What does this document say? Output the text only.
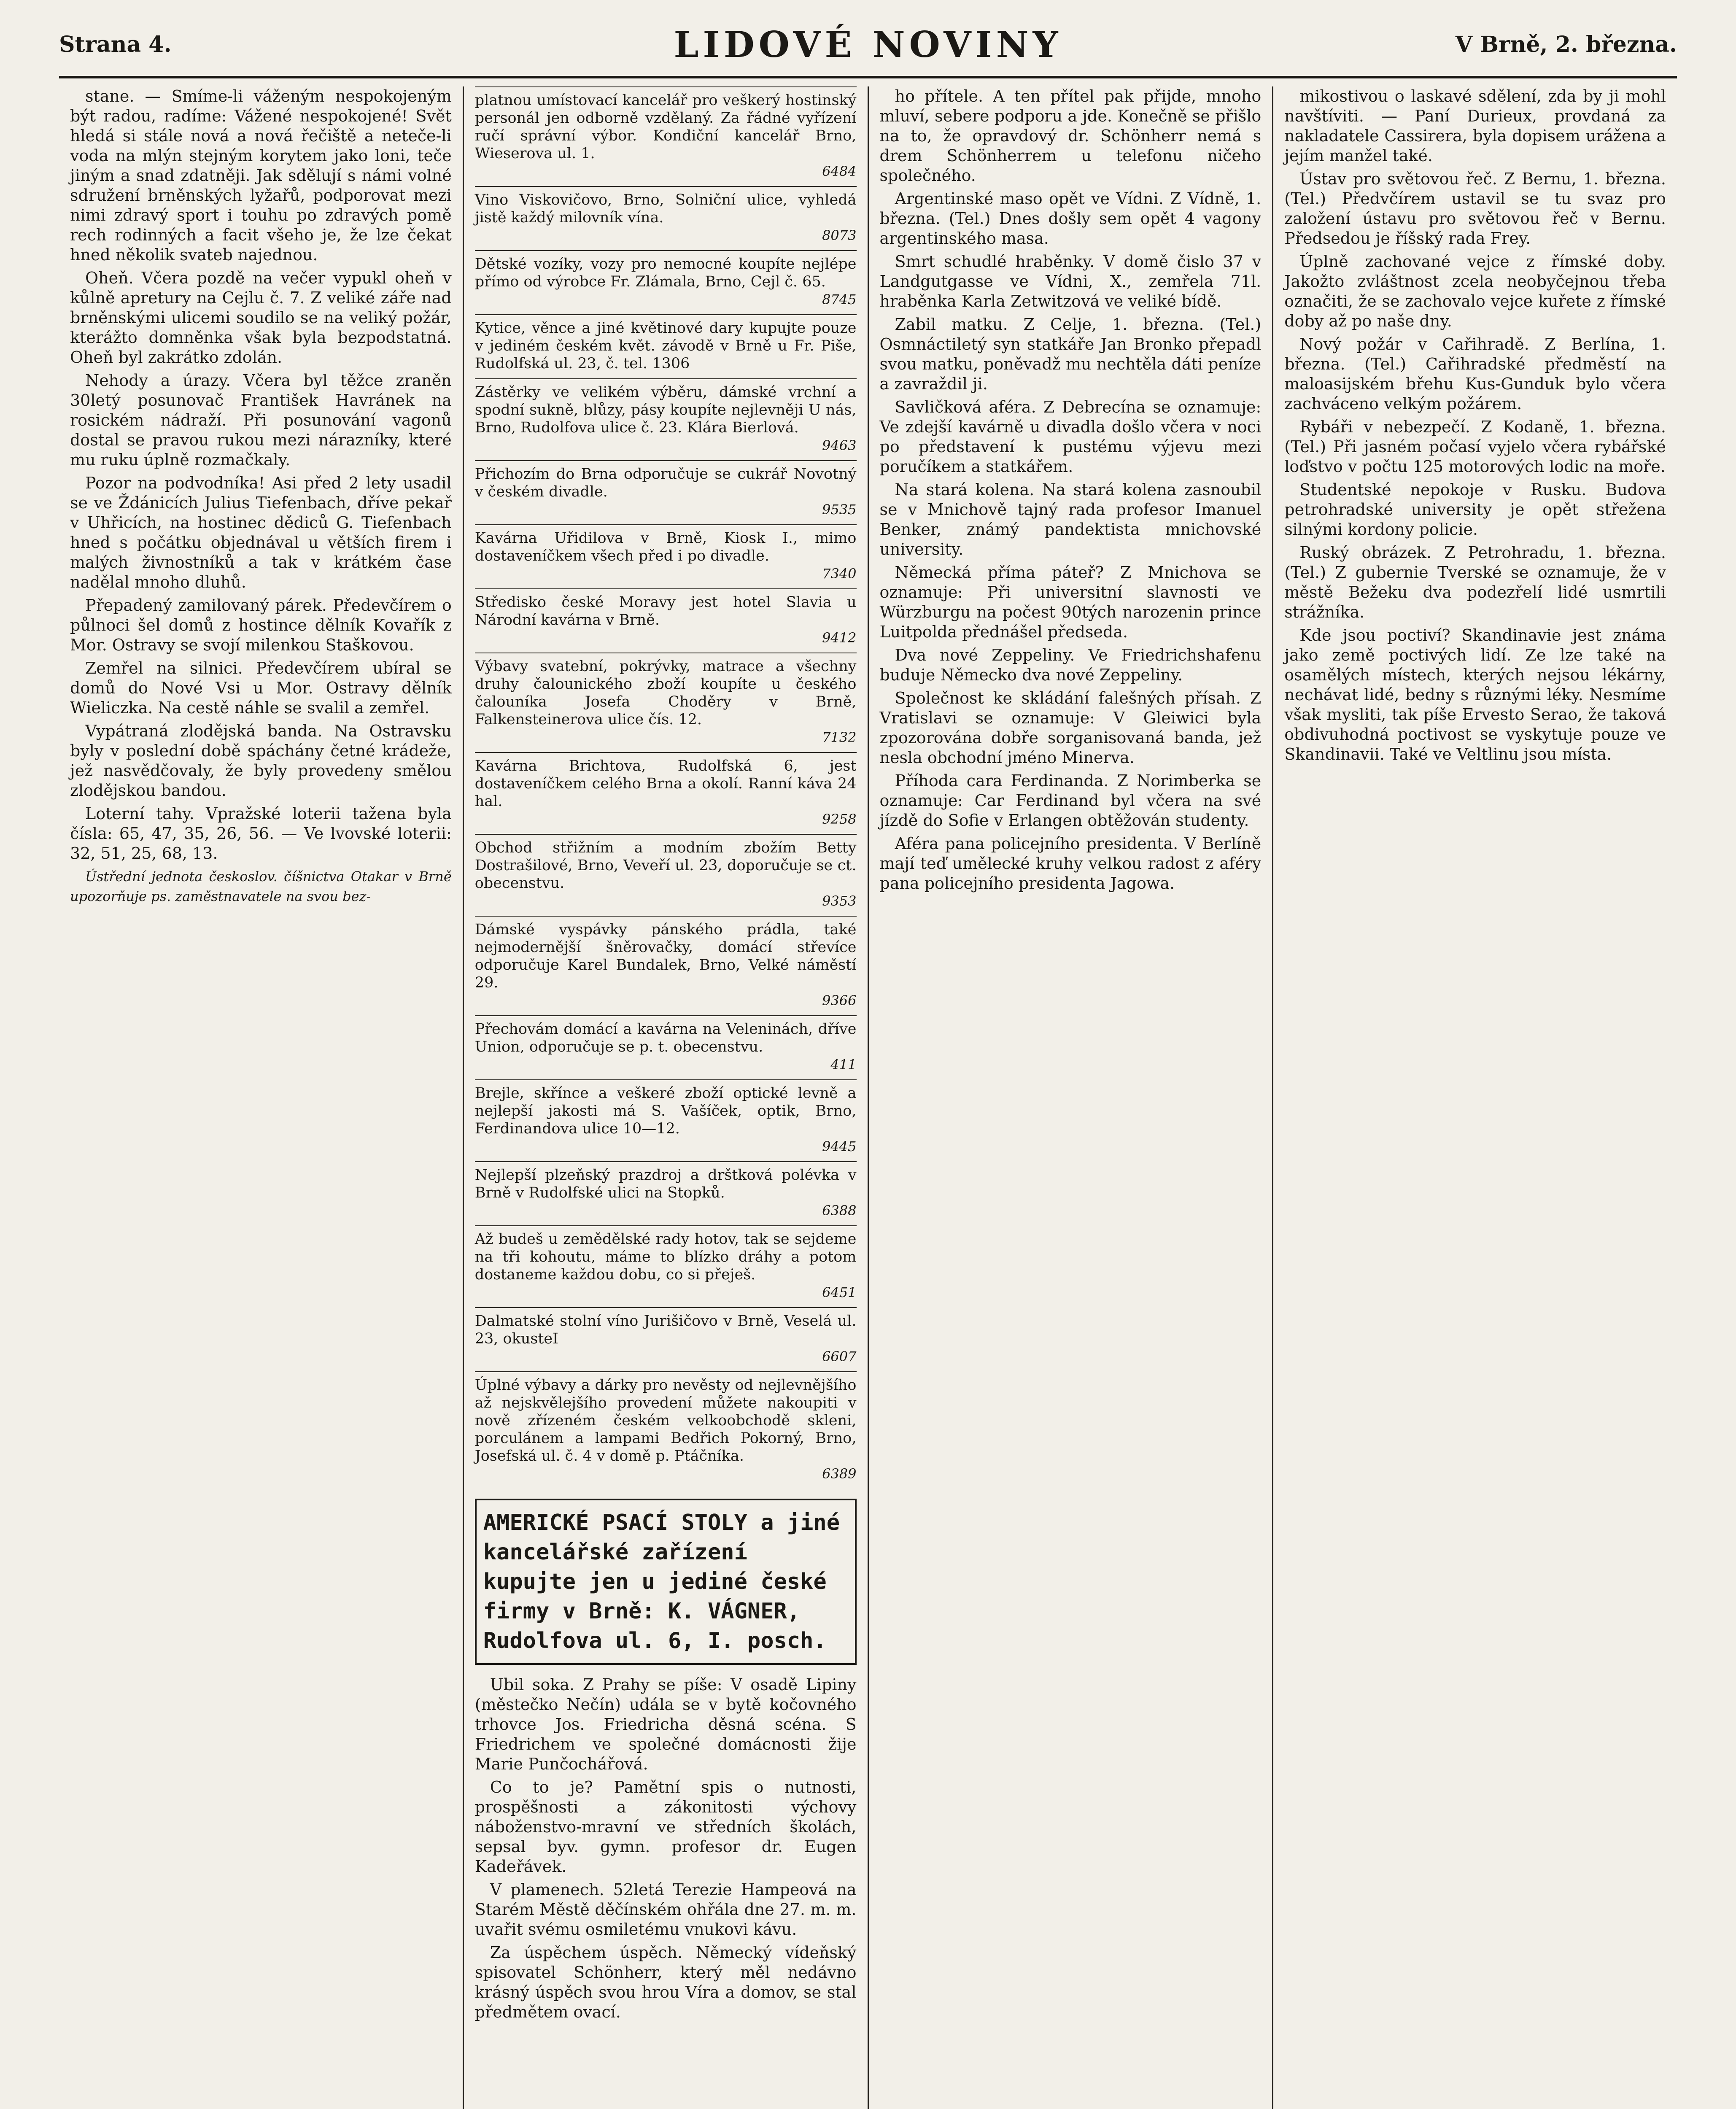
Strana 4.	LIDOVÉ NOVINY	V Brně, 2. března.

stane. — Smíme-li váženým nespokojeným být radou, radíme: Vážené nespokojené! Svět hledá si stále nová a nová řečiště a neteče-li voda na mlýn stejným korytem jako loni, teče jiným a snad zdatněji. Jak sdělují s námi volné sdružení brněnských lyžařů, podporovat mezi nimi zdravý sport i touhu po zdravých pomě rech rodinných a facit všeho je, že lze čekat hned několik svateb najednou.

Oheň. Včera pozdě na večer vypukl oheň v kůlně apretury na Cejlu č. 7. Z veliké záře nad brněnskými ulicemi soudilo se na veliký požár, kterážto domněnka však byla bezpodstatná. Oheň byl zakrátko zdolán.

Nehody a úrazy. Včera byl těžce zraněn 30letý posunovač František Havránek na rosickém nádraží. Při posunování vagonů dostal se pravou rukou mezi nárazníky, které mu ruku úplně rozmačkaly.

Pozor na podvodníka! Asi před 2 lety usadil se ve Ždánicích Julius Tiefenbach, dříve pekař v Uhřicích, na hostinec dědiců G. Tiefenbach hned s počátku objednával u větších firem i malých živnostníků a tak v krátkém čase nadělal mnoho dluhů.

Přepadený zamilovaný párek. Předevčírem o půlnoci šel domů z hostince dělník Kovařík z Mor. Ostravy se svojí milenkou Staškovou.

Zemřel na silnici. Předevčírem ubíral se domů do Nové Vsi u Mor. Ostravy dělník Wieliczka. Na cestě náhle se svalil a zemřel.

Vypátraná zlodějská banda. Na Ostravsku byly v poslední době spáchány četné krádeže, jež nasvědčovaly, že byly provedeny smělou zlodějskou bandou.

Loterní tahy. Vpražské loterii tažena byla čísla: 65, 47, 35, 26, 56. — Ve lvovské loterii: 32, 51, 25, 68, 13.

Ústřední jednota českoslov. číšnictva Otakar v Brně upozorňuje ps. zaměstnavatele na svou bez-

platnou umístovací kancelář pro veškerý hostinský personál jen odborně vzdělaný. Za řádné vyřízení ručí správní výbor. Kondiční kancelář Brno, Wieserova ul. 1.
6484
Vino Viskovičovo, Brno, Solniční ulice, vyhledá jistě každý milovník vína.
8073
Dětské vozíky, vozy pro nemocné koupíte nejlépe přímo od výrobce Fr. Zlámala, Brno, Cejl č. 65.
8745
Kytice, věnce a jiné květinové dary kupujte pouze v jediném českém květ. závodě v Brně u Fr. Piše, Rudolfská ul. 23, č. tel. 1306
Zástěrky ve velikém výběru, dámské vrchní a spodní sukně, blůzy, pásy koupíte nejlevněji U nás, Brno, Rudolfova ulice č. 23. Klára Bierlová.
9463
Přichozím do Brna odporučuje se cukrář Novotný v českém divadle.
9535
Kavárna Uřidilova v Brně, Kiosk I., mimo dostaveníčkem všech před i po divadle.
7340
Středisko české Moravy jest hotel Slavia u Národní kavárna v Brně.
9412
Výbavy svatební, pokrývky, matrace a všechny druhy čalounického zboží koupíte u českého čalouníka Josefa Choděry v Brně, Falkensteinerova ulice čís. 12.
7132
Kavárna Brichtova, Rudolfská 6, jest dostaveníčkem celého Brna a okolí. Ranní káva 24 hal.
9258
Obchod střižním a modním zbožím Betty Dostrašilové, Brno, Veveří ul. 23, doporučuje se ct. obecenstvu.
9353
Dámské vyspávky pánského prádla, také nejmodernější šněrovačky, domácí střevíce odporučuje Karel Bundalek, Brno, Velké náměstí 29.
9366
Přechovám domácí a kavárna na Veleninách, dříve Union, odporučuje se p. t. obecenstvu.
411
Brejle, skřínce a veškeré zboží optické levně a nejlepší jakosti má S. Vašíček, optik, Brno, Ferdinandova ulice 10—12.
9445
Nejlepší plzeňský prazdroj a drštková polévka v Brně v Rudolfské ulici na Stopků.
6388
Až budeš u zemědělské rady hotov, tak se sejdeme na tři kohoutu, máme to blízko dráhy a potom dostaneme každou dobu, co si přeješ.
6451
Dalmatské stolní víno Jurišičovo v Brně, Veselá ul. 23, okusteI
6607
Úplné výbavy a dárky pro nevěsty od nejlevnějšího až nejskvělejšího provedení můžete nakoupiti v nově zřízeném českém velkoobchodě skleni, porculánem a lampami Bedřich Pokorný, Brno, Josefská ul. č. 4 v domě p. Ptáčníka.
6389
AMERICKÉ PSACÍ STOLY a jiné kancelářské zařízení kupujte jen u jediné české firmy v Brně: K. VÁGNER, Rudolfova ul. 6, I. posch.

Ubil soka. Z Prahy se píše: V osadě Lipiny (městečko Nečín) udála se v bytě kočovného trhovce Jos. Friedricha děsná scéna. S Friedrichem ve společné domácnosti žije Marie Punčochářová.

Co to je? Pamětní spis o nutnosti, prospěšnosti a zákonitosti výchovy náboženstvo-mravní ve středních školách, sepsal byv. gymn. profesor dr. Eugen Kadeřávek.

V plamenech. 52letá Terezie Hampeová na Starém Městě děčínském ohřála dne 27. m. m. uvařit svému osmiletému vnukovi kávu.

Za úspěchem úspěch. Německý vídeňský spisovatel Schönherr, který měl nedávno krásný úspěch svou hrou Víra a domov, se stal předmětem ovací.

ho přítele. A ten přítel pak přijde, mnoho mluví, sebere podporu a jde. Konečně se přišlo na to, že opravdový dr. Schönherr nemá s drem Schönherrem u telefonu ničeho společného.

Argentinské maso opět ve Vídni. Z Vídně, 1. března. (Tel.) Dnes došly sem opět 4 vagony argentinského masa.

Smrt schudlé hraběnky. V domě čislo 37 v Landgutgasse ve Vídni, X., zemřela 71l. hraběnka Karla Zetwitzová ve veliké bídě.

Zabil matku. Z Celje, 1. března. (Tel.) Osmnáctiletý syn statkáře Jan Bronko přepadl svou matku, poněvadž mu nechtěla dáti peníze a zavraždil ji.

Savličková aféra. Z Debrecína se oznamuje: Ve zdejší kavárně u divadla došlo včera v noci po představení k pustému výjevu mezi poručíkem a statkářem.

Na stará kolena. Na stará kolena zasnoubil se v Mnichově tajný rada profesor Imanuel Benker, známý pandektista mnichovské university.

Německá příma páteř? Z Mnichova se oznamuje: Při universitní slavnosti ve Würzburgu na počest 90tých narozenin prince Luitpolda přednášel předseda.

Dva nové Zeppeliny. Ve Friedrichshafenu buduje Německo dva nové Zeppeliny.

Společnost ke skládání falešných přísah. Z Vratislavi se oznamuje: V Gleiwici byla zpozorována dobře sorganisovaná banda, jež nesla obchodní jméno Minerva.

Příhoda cara Ferdinanda. Z Norimberka se oznamuje: Car Ferdinand byl včera na své jízdě do Sofie v Erlangen obtěžován studenty.

Aféra pana policejního presidenta. V Berlíně mají teď umělecké kruhy velkou radost z aféry pana policejního presidenta Jagowa.

mikostivou o laskavé sdělení, zda by ji mohl navštíviti. — Paní Durieux, provdaná za nakladatele Cassirera, byla dopisem urážena a jejím manžel také.

Ústav pro světovou řeč. Z Bernu, 1. března. (Tel.) Předvčírem ustavil se tu svaz pro založení ústavu pro světovou řeč v Bernu. Předsedou je říšský rada Frey.

Úplně zachované vejce z římské doby. Jakožto zvláštnost zcela neobyčejnou třeba označiti, že se zachovalo vejce kuřete z římské doby až po naše dny.

Nový požár v Cařihradě. Z Berlína, 1. března. (Tel.) Cařihradské předměstí na maloasijském břehu Kus-Gunduk bylo včera zachváceno velkým požárem.

Rybáři v nebezpečí. Z Kodaně, 1. března. (Tel.) Při jasném počasí vyjelo včera rybářské loďstvo v počtu 125 motorových lodic na moře.

Studentské nepokoje v Rusku. Budova petrohradské university je opět střežena silnými kordony policie.

Ruský obrázek. Z Petrohradu, 1. března. (Tel.) Z gubernie Tverské se oznamuje, že v městě Bežeku dva podezřelí lidé usmrtili strážníka.

Kde jsou poctiví? Skandinavie jest známa jako země poctivých lidí. Ze lze také na osamělých místech, kterých nejsou lékárny, nechávat lidé, bedny s různými léky. Nesmíme však mysliti, tak píše Ervesto Serao, že taková obdivuhodná poctivost se vyskytuje pouze ve Skandinavii. Také ve Veltlinu jsou místa.
